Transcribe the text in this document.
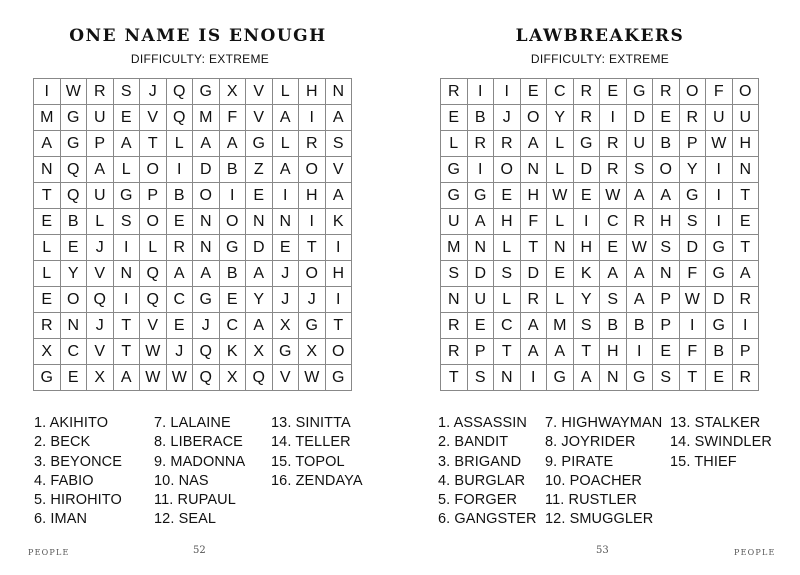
ONE NAME IS ENOUGH
DIFFICULTY: EXTREME
I	W	R	S	J	Q	G	X	V	L	H	N
M	G	U	E	V	Q	M	F	V	A	I	A
A	G	P	A	T	L	A	A	G	L	R	S
N	Q	A	L	O	I	D	B	Z	A	O	V
T	Q	U	G	P	B	O	I	E	I	H	A
E	B	L	S	O	E	N	O	N	N	I	K
L	E	J	I	L	R	N	G	D	E	T	I
L	Y	V	N	Q	A	A	B	A	J	O	H
E	O	Q	I	Q	C	G	E	Y	J	J	I
R	N	J	T	V	E	J	C	A	X	G	T
X	C	V	T	W	J	Q	K	X	G	X	O
G	E	X	A	W	W	Q	X	Q	V	W	G
1. AKIHITO
2. BECK
3. BEYONCE
4. FABIO
5. HIROHITO
6. IMAN
7. LALAINE
8. LIBERACE
9. MADONNA
10. NAS
11. RUPAUL
12. SEAL
13. SINITTA
14. TELLER
15. TOPOL
16. ZENDAYA
PEOPLE	52
LAWBREAKERS
DIFFICULTY: EXTREME
R	I	I	E	C	R	E	G	R	O	F	O
E	B	J	O	Y	R	I	D	E	R	U	U
L	R	R	A	L	G	R	U	B	P	W	H
G	I	O	N	L	D	R	S	O	Y	I	N
G	G	E	H	W	E	W	A	A	G	I	T
U	A	H	F	L	I	C	R	H	S	I	E
M	N	L	T	N	H	E	W	S	D	G	T
S	D	S	D	E	K	A	A	N	F	G	A
N	U	L	R	L	Y	S	A	P	W	D	R
R	E	C	A	M	S	B	B	P	I	G	I
R	P	T	A	A	T	H	I	E	F	B	P
T	S	N	I	G	A	N	G	S	T	E	R
1. ASSASSIN
2. BANDIT
3. BRIGAND
4. BURGLAR
5. FORGER
6. GANGSTER
7. HIGHWAYMAN
8. JOYRIDER
9. PIRATE
10. POACHER
11. RUSTLER
12. SMUGGLER
13. STALKER
14. SWINDLER
15. THIEF
53	PEOPLE
